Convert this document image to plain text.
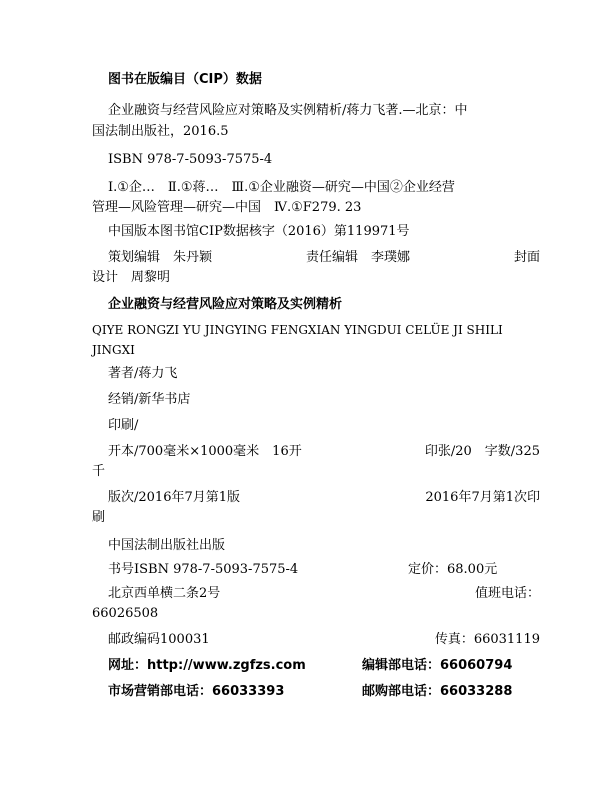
图书在版编目（CIP）数据
企业融资与经营风险应对策略及实例精析/蒋力飞著.—北京：中
国法制出版社，2016.5
ISBN 978-7-5093-7575-4
Ⅰ.①企…　Ⅱ.①蒋…　Ⅲ.①企业融资—研究—中国②企业经营
管理—风险管理—研究—中国　Ⅳ.①F279. 23
中国版本图书馆CIP数据核字（2016）第119971号
策划编辑　朱丹颖	责任编辑　李璞娜	封面
设计　周黎明
企业融资与经营风险应对策略及实例精析
QIYE RONGZI YU JINGYING FENGXIAN YINGDUI CELÜE JI SHILI
JINGXI
著者/蒋力飞
经销/新华书店
印刷/
开本/700毫米×1000毫米　16开	印张/20　字数/325
千
版次/2016年7月第1版	2016年7月第1次印
刷
中国法制出版社出版
书号ISBN 978-7-5093-7575-4	定价：68.00元
北京西单横二条2号	值班电话：
66026508
邮政编码100031	传真：66031119
网址：http://www.zgfzs.com	编辑部电话：66060794
市场营销部电话：66033393	邮购部电话：66033288
